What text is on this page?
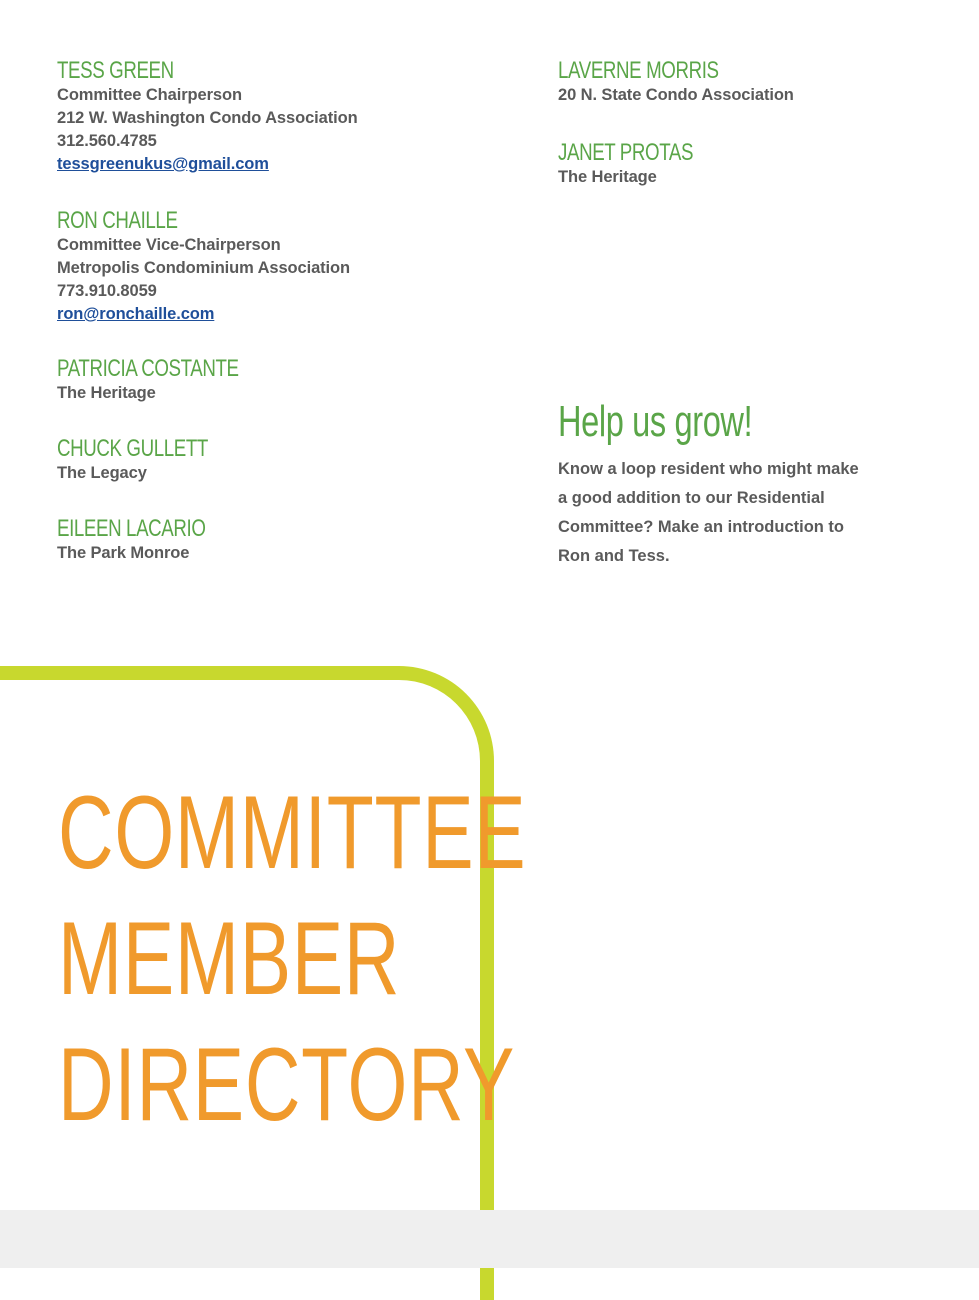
TESS GREEN
Committee Chairperson
212 W. Washington Condo Association
312.560.4785
tessgreenukus@gmail.com
RON CHAILLE
Committee Vice-Chairperson
Metropolis Condominium Association
773.910.8059
ron@ronchaille.com
PATRICIA COSTANTE
The Heritage
CHUCK GULLETT
The Legacy
EILEEN LACARIO
The Park Monroe
LAVERNE MORRIS
20 N. State Condo Association
JANET PROTAS
The Heritage
Help us grow!
Know a loop resident who might make a good addition to our Residential Committee? Make an introduction to Ron and Tess.
COMMITTEE
MEMBER
DIRECTORY
